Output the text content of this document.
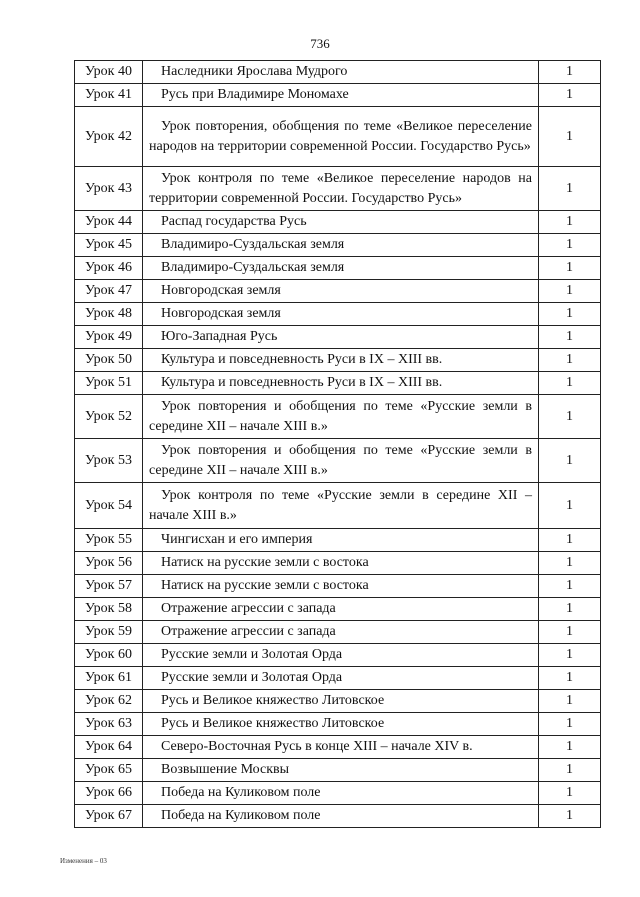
736
Урок 40	Наследники Ярослава Мудрого	1
Урок 41	Русь при Владимире Мономахе	1
Урок 42	Урок повторения, обобщения по теме «Великое переселение народов на территории современной России. Государство Русь»	1
Урок 43	Урок контроля по теме «Великое переселение народов на территории современной России. Государство Русь»	1
Урок 44	Распад государства Русь	1
Урок 45	Владимиро-Суздальская земля	1
Урок 46	Владимиро-Суздальская земля	1
Урок 47	Новгородская земля	1
Урок 48	Новгородская земля	1
Урок 49	Юго-Западная Русь	1
Урок 50	Культура и повседневность Руси в IX – XIII вв.	1
Урок 51	Культура и повседневность Руси в IX – XIII вв.	1
Урок 52	Урок повторения и обобщения по теме «Русские земли в середине XII – начале XIII в.»	1
Урок 53	Урок повторения и обобщения по теме «Русские земли в середине XII – начале XIII в.»	1
Урок 54	Урок контроля по теме «Русские земли в середине XII – начале XIII в.»	1
Урок 55	Чингисхан и его империя	1
Урок 56	Натиск на русские земли с востока	1
Урок 57	Натиск на русские земли с востока	1
Урок 58	Отражение агрессии с запада	1
Урок 59	Отражение агрессии с запада	1
Урок 60	Русские земли и Золотая Орда	1
Урок 61	Русские земли и Золотая Орда	1
Урок 62	Русь и Великое княжество Литовское	1
Урок 63	Русь и Великое княжество Литовское	1
Урок 64	Северо-Восточная Русь в конце XIII – начале XIV в.	1
Урок 65	Возвышение Москвы	1
Урок 66	Победа на Куликовом поле	1
Урок 67	Победа на Куликовом поле	1
Изменения – 03
